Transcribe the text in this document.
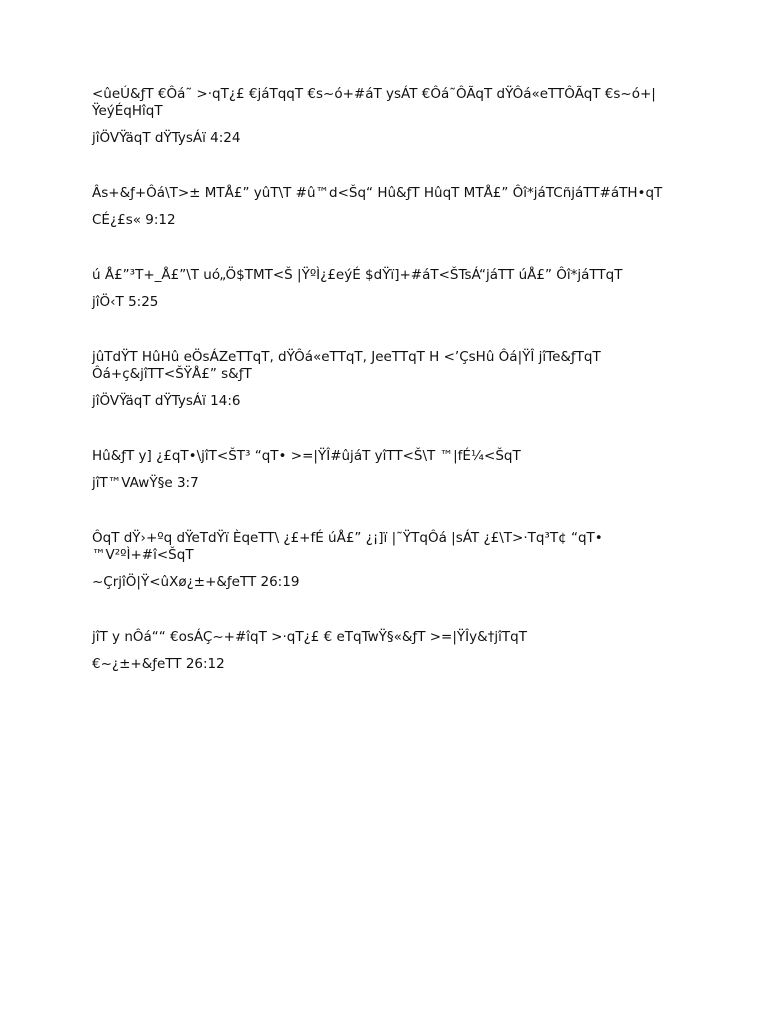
<ûeÚ&ƒT €Ôá˜ >·qT¿£ €jáTqqT €s~ó+#áT ysÁT €Ôá˜ÔÃqT dŸÔá«eTTÔÃqT €s~ó+|ŸeýÉqHîqT

jîÖVŸäqT dŸTysÁï 4:24

Âs+&ƒ+Ôá\T>± MTÅ£” yûT\T #û™d<Šq“ Hû&ƒT HûqT MTÅ£” Ôî*jáTCñjáTT#áTH•qT

CÉ¿£s« 9:12

ú Å£”³T+_Å£”\T uó„Ö$TMT<Š |ŸºÌ¿£eýÉ $dŸï]+#áT<ŠTsÁ“jáTT úÅ£” Ôî*jáTTqT

jîÖ‹T 5:25

jûTdŸT HûHû eÖsÁZeTTqT, dŸÔá«eTTqT, JeeTTqT H <’ÇsHû Ôá|ŸÎ jîTe&ƒTqT Ôá+ç&jîTT<ŠŸÅ£” s&ƒT

jîÖVŸäqT dŸTysÁï 14:6

Hû&ƒT y] ¿£qT•\jîT<ŠT³ “qT• >=|ŸÎ#ûjáT yîTT<Š\T ™|fÉ¼<ŠqT

jîT™VAwŸ§e 3:7

ÔqT dŸ›+ºq dŸeTdŸï ÈqeTT\ ¿£+fÉ úÅ£” ¿¡]ï |˜ŸTqÔá |sÁT ¿£\T>·Tq³T¢ “qT• ™V²ºÌ+#î<ŠqT

~ÇrjîÖ|Ÿ<ûXø¿±+&ƒeTT 26:19

jîT y nÔá““ €osÁÇ~+#îqT >·qT¿£ € eTqTwŸ§«&ƒT >=|ŸÎy&†jîTqT

€~¿±+&ƒeTT 26:12
